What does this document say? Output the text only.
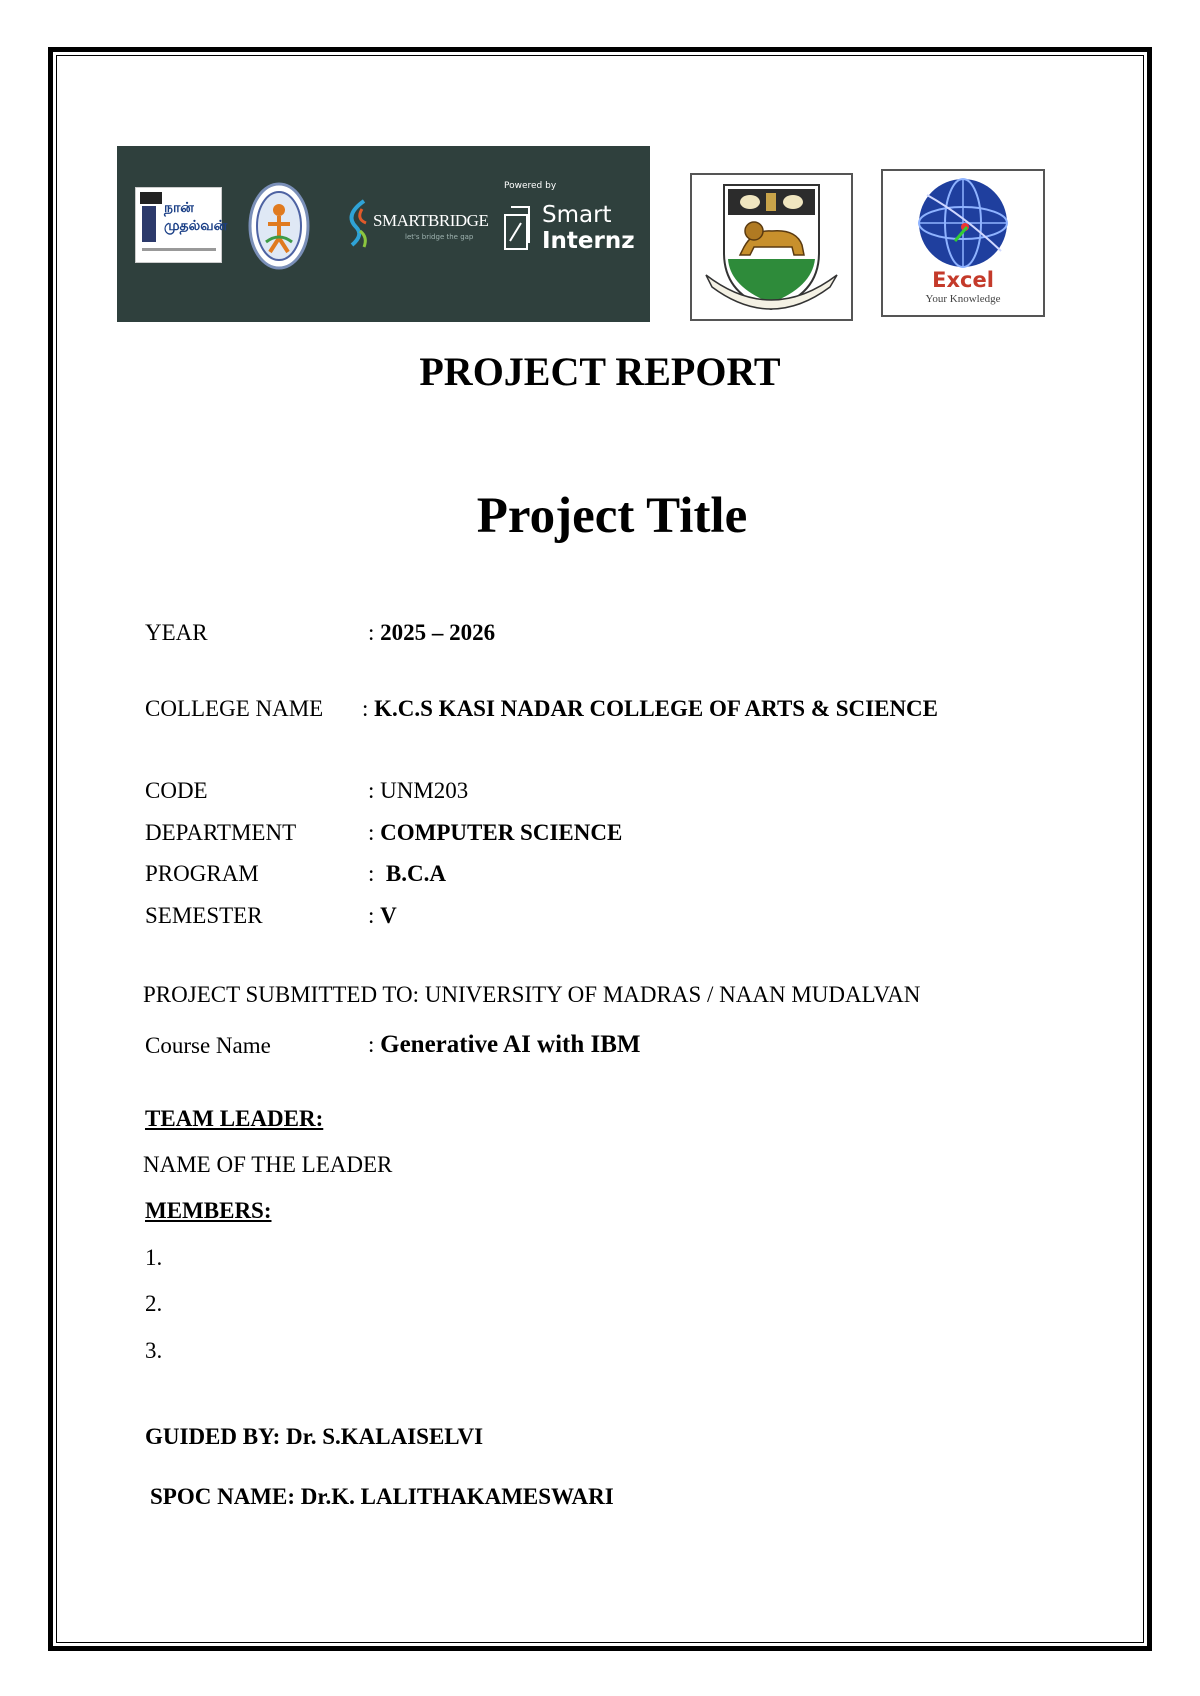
நான் முதல்வன்	SMARTBRIDGE
let's bridge the gap
Powered by
Smart
Internz
Excel
Your Knowledge
PROJECT REPORT
Project Title
YEAR	: 2025 – 2026
COLLEGE NAME : K.C.S KASI NADAR COLLEGE OF ARTS & SCIENCE
CODE	: UNM203
DEPARTMENT	: COMPUTER SCIENCE
PROGRAM	:  B.C.A
SEMESTER	: V
PROJECT SUBMITTED TO: UNIVERSITY OF MADRAS / NAAN MUDALVAN
Course Name	: Generative AI with IBM
TEAM LEADER:
NAME OF THE LEADER
MEMBERS:
1.
2.
3.
GUIDED BY: Dr. S.KALAISELVI
SPOC NAME: Dr.K. LALITHAKAMESWARI
